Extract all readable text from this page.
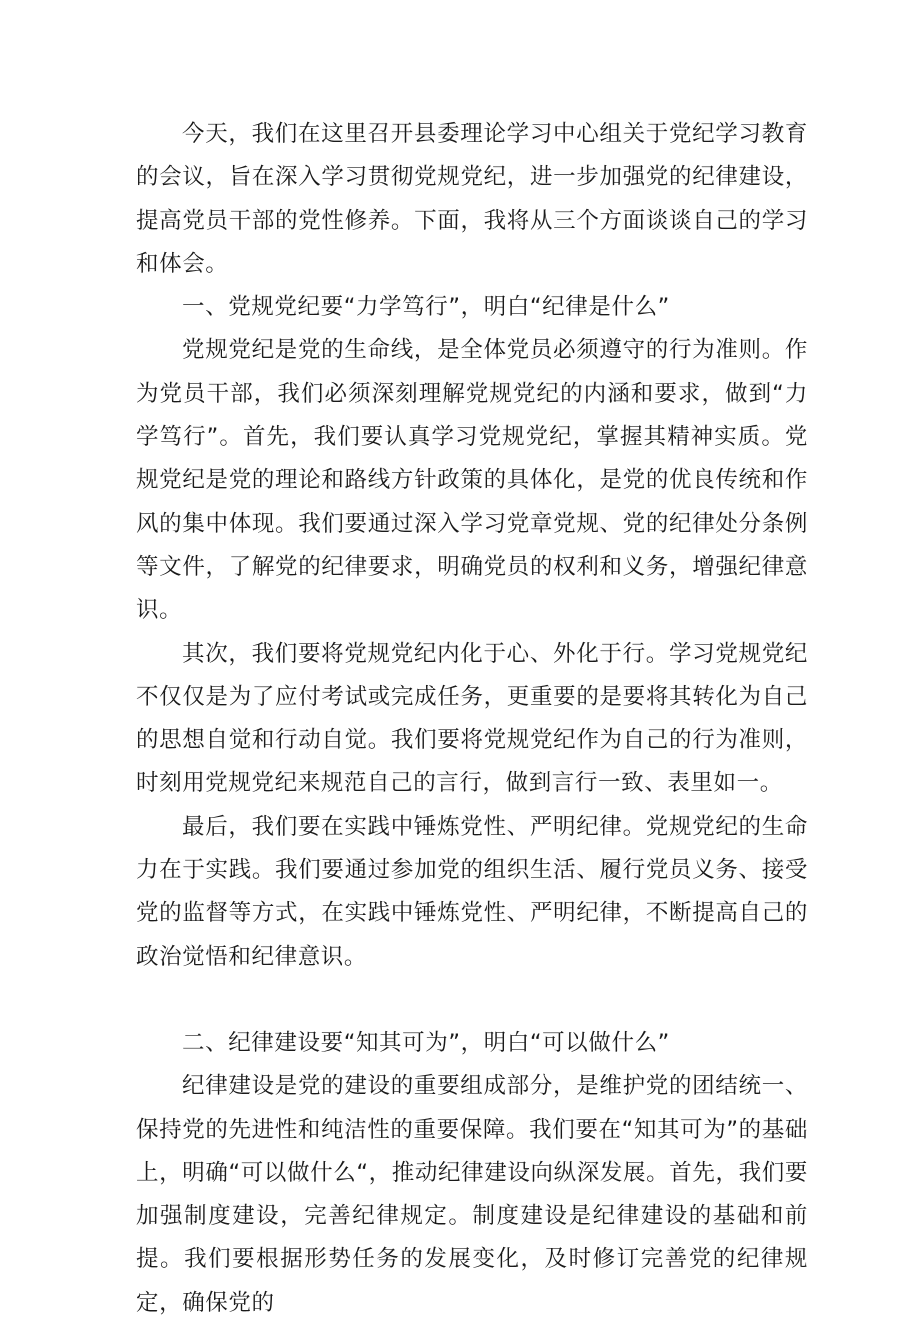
今天，我们在这里召开县委理论学习中心组关于党纪学习教育的会议，旨在深入学习贯彻党规党纪，进一步加强党的纪律建设，提高党员干部的党性修养。下面，我将从三个方面谈谈自己的学习和体会。

一、党规党纪要“力学笃行”，明白“纪律是什么”

党规党纪是党的生命线，是全体党员必须遵守的行为准则。作为党员干部，我们必须深刻理解党规党纪的内涵和要求，做到“力学笃行”。首先，我们要认真学习党规党纪，掌握其精神实质。党规党纪是党的理论和路线方针政策的具体化，是党的优良传统和作风的集中体现。我们要通过深入学习党章党规、党的纪律处分条例等文件，了解党的纪律要求，明确党员的权利和义务，增强纪律意识。

其次，我们要将党规党纪内化于心、外化于行。学习党规党纪不仅仅是为了应付考试或完成任务，更重要的是要将其转化为自己的思想自觉和行动自觉。我们要将党规党纪作为自己的行为准则，时刻用党规党纪来规范自己的言行，做到言行一致、表里如一。

最后，我们要在实践中锤炼党性、严明纪律。党规党纪的生命力在于实践。我们要通过参加党的组织生活、履行党员义务、接受党的监督等方式，在实践中锤炼党性、严明纪律，不断提高自己的政治觉悟和纪律意识。

二、纪律建设要“知其可为”，明白“可以做什么”

纪律建设是党的建设的重要组成部分，是维护党的团结统一、保持党的先进性和纯洁性的重要保障。我们要在“知其可为”的基础上，明确“可以做什么“，推动纪律建设向纵深发展。首先，我们要加强制度建设，完善纪律规定。制度建设是纪律建设的基础和前提。我们要根据形势任务的发展变化，及时修订完善党的纪律规定，确保党的
